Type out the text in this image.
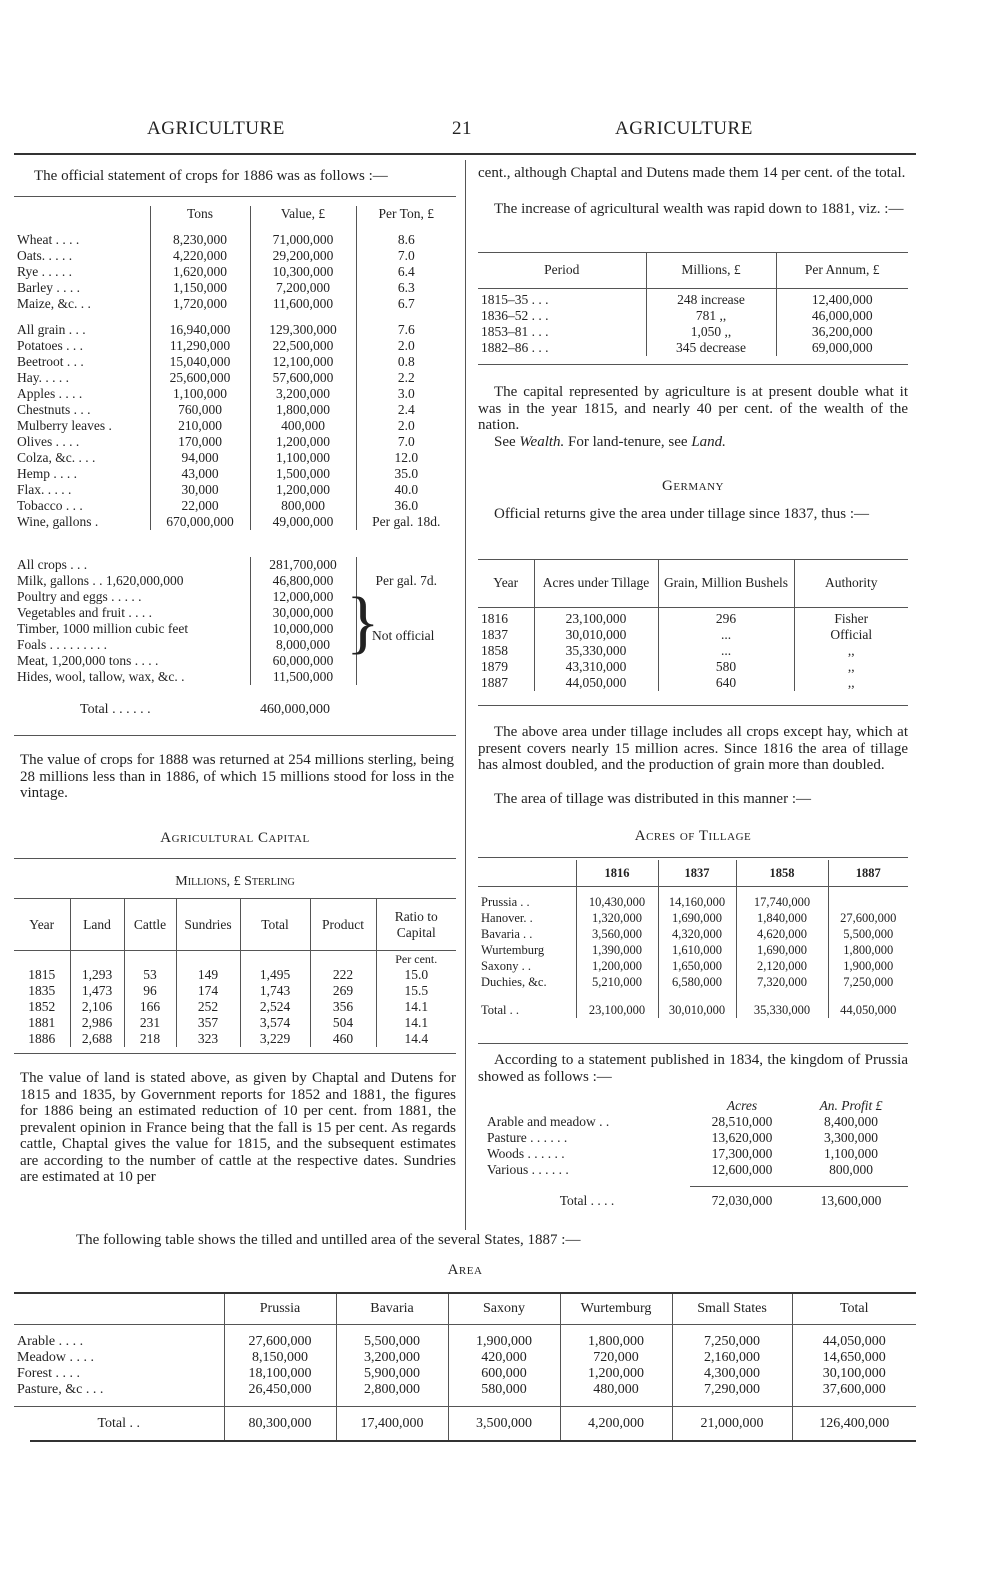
AGRICULTURE	21	AGRICULTURE
The official statement of crops for 1886 was as follows :—
	Tons	Value, £	Per Ton, £
Wheat . . . .	8,230,000	71,000,000	8.6
Oats. . . . .	4,220,000	29,200,000	7.0
Rye . . . . .	1,620,000	10,300,000	6.4
Barley . . . .	1,150,000	7,200,000	6.3
Maize, &c. . .	1,720,000	11,600,000	6.7

All grain . . .	16,940,000	129,300,000	7.6
Potatoes . . .	11,290,000	22,500,000	2.0
Beetroot . . .	15,040,000	12,100,000	0.8
Hay. . . . .	25,600,000	57,600,000	2.2
Apples . . . .	1,100,000	3,200,000	3.0
Chestnuts . . .	760,000	1,800,000	2.4
Mulberry leaves .	210,000	400,000	2.0
Olives . . . .	170,000	1,200,000	7.0
Colza, &c. . . .	94,000	1,100,000	12.0
Hemp . . . .	43,000	1,500,000	35.0
Flax. . . . .	30,000	1,200,000	40.0
Tobacco . . .	22,000	800,000	36.0
Wine, gallons .	670,000,000	49,000,000	Per gal. 18d.
All crops . . .	281,700,000	
Milk, gallons . . 1,620,000,000	46,800,000	Per gal. 7d.
Poultry and eggs . . . . .	12,000,000	
Vegetables and fruit . . . .	30,000,000	
Timber, 1000 million cubic feet	10,000,000	
Foals . . . . . . . . .	8,000,000	
Meat, 1,200,000 tons . . . .	60,000,000	
Hides, wool, tallow, wax, &c. .	11,500,000	
}
Not official
Total . . . . . .	460,000,000
The value of crops for 1888 was returned at 254 millions sterling, being 28 millions less than in 1886, of which 15 millions stood for loss in the vintage.
Agricultural Capital
Millions, £ Sterling
Year	Land	Cattle	Sundries	Total	Product	Ratio to Capital
						Per cent.
1815	1,293	53	149	1,495	222	15.0
1835	1,473	96	174	1,743	269	15.5
1852	2,106	166	252	2,524	356	14.1
1881	2,986	231	357	3,574	504	14.1
1886	2,688	218	323	3,229	460	14.4
The value of land is stated above, as given by Chaptal and Dutens for 1815 and 1835, by Government reports for 1852 and 1881, the figures for 1886 being an estimated reduction of 10 per cent. from 1881, the prevalent opinion in France being that the fall is 15 per cent. As regards cattle, Chaptal gives the value for 1815, and the subsequent estimates are according to the number of cattle at the respective dates. Sundries are estimated at 10 per
cent., although Chaptal and Dutens made them 14 per cent. of the total.
The increase of agricultural wealth was rapid down to 1881, viz. :—
Period	Millions, £	Per Annum, £

1815–35 . . .	248 increase	12,400,000
1836–52 . . .	781 ,,	46,000,000
1853–81 . . .	1,050 ,,	36,200,000
1882–86 . . .	345 decrease	69,000,000
The capital represented by agriculture is at present double what it was in the year 1815, and nearly 40 per cent. of the wealth of the nation.
See Wealth. For land-tenure, see Land.
Germany
Official returns give the area under tillage since 1837, thus :—
Year	Acres under Tillage	Grain, Million Bushels	Authority

1816	23,100,000	296	Fisher
1837	30,010,000	...	Official
1858	35,330,000	...	,,
1879	43,310,000	580	,,
1887	44,050,000	640	,,
The above area under tillage includes all crops except hay, which at present covers nearly 15 million acres. Since 1816 the area of tillage has almost doubled, and the production of grain more than doubled.
The area of tillage was distributed in this manner :—
Acres of Tillage
	1816	1837	1858	1887

Prussia . .	10,430,000	14,160,000	17,740,000	
Hanover. .	1,320,000	1,690,000	1,840,000	27,600,000
Bavaria . .	3,560,000	4,320,000	4,620,000	5,500,000
Wurtemburg	1,390,000	1,610,000	1,690,000	1,800,000
Saxony . .	1,200,000	1,650,000	2,120,000	1,900,000
Duchies, &c.	5,210,000	6,580,000	7,320,000	7,250,000

Total . .	23,100,000	30,010,000	35,330,000	44,050,000
According to a statement published in 1834, the kingdom of Prussia showed as follows :—
	Acres	An. Profit £
Arable and meadow . .	28,510,000	8,400,000
Pasture . . . . . .	13,620,000	3,300,000
Woods . . . . . .	17,300,000	1,100,000
Various . . . . . .	12,600,000	800,000

Total . . . .	72,030,000	13,600,000
The following table shows the tilled and untilled area of the several States, 1887 :—
Area
	Prussia	Bavaria	Saxony	Wurtemburg	Small States	Total

Arable . . . .	27,600,000	5,500,000	1,900,000	1,800,000	7,250,000	44,050,000
Meadow . . . .	8,150,000	3,200,000	420,000	720,000	2,160,000	14,650,000
Forest . . . .	18,100,000	5,900,000	600,000	1,200,000	4,300,000	30,100,000
Pasture, &c . . .	26,450,000	2,800,000	580,000	480,000	7,290,000	37,600,000

Total . .	80,300,000	17,400,000	3,500,000	4,200,000	21,000,000	126,400,000
